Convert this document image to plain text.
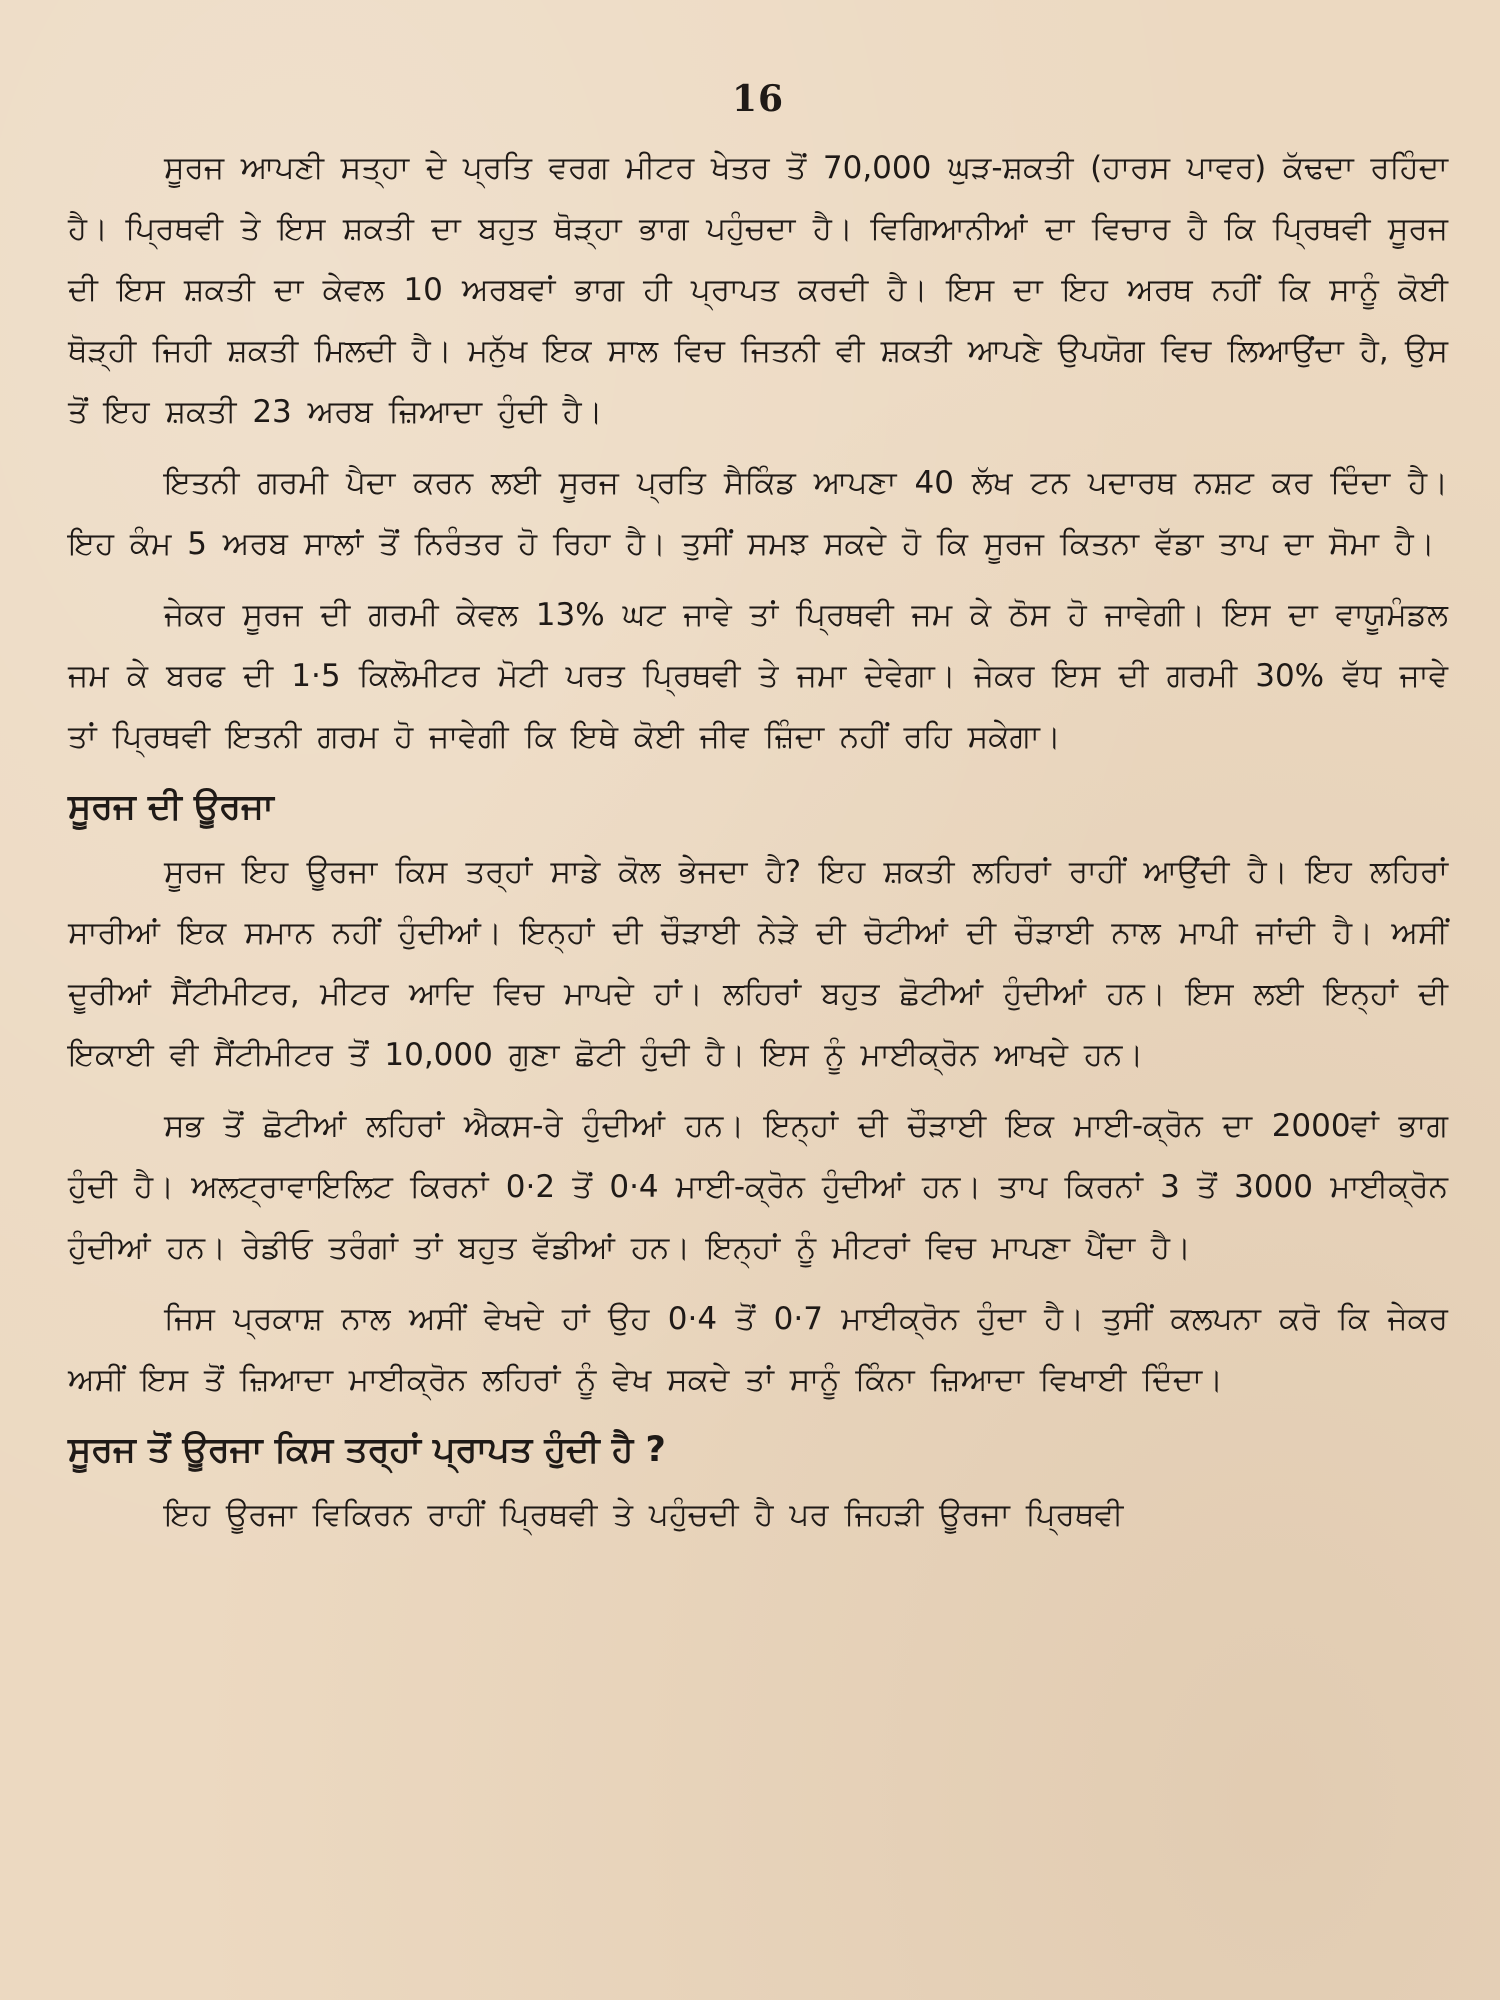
16

ਸੂਰਜ ਆਪਣੀ ਸਤ੍ਹਾ ਦੇ ਪ੍ਰਤਿ ਵਰਗ ਮੀਟਰ ਖੇਤਰ ਤੋਂ 70,000 ਘੁੜ-ਸ਼ਕਤੀ (ਹਾਰਸ ਪਾਵਰ) ਕੱਢਦਾ ਰਹਿੰਦਾ ਹੈ। ਪ੍ਰਿਥਵੀ ਤੇ ਇਸ ਸ਼ਕਤੀ ਦਾ ਬਹੁਤ ਥੋੜ੍ਹਾ ਭਾਗ ਪਹੁੰਚਦਾ ਹੈ। ਵਿਗਿਆਨੀਆਂ ਦਾ ਵਿਚਾਰ ਹੈ ਕਿ ਪ੍ਰਿਥਵੀ ਸੂਰਜ ਦੀ ਇਸ ਸ਼ਕਤੀ ਦਾ ਕੇਵਲ 10 ਅਰਬਵਾਂ ਭਾਗ ਹੀ ਪ੍ਰਾਪਤ ਕਰਦੀ ਹੈ। ਇਸ ਦਾ ਇਹ ਅਰਥ ਨਹੀਂ ਕਿ ਸਾਨੂੰ ਕੋਈ ਥੋੜ੍ਹੀ ਜਿਹੀ ਸ਼ਕਤੀ ਮਿਲਦੀ ਹੈ। ਮਨੁੱਖ ਇਕ ਸਾਲ ਵਿਚ ਜਿਤਨੀ ਵੀ ਸ਼ਕਤੀ ਆਪਣੇ ਉਪਯੋਗ ਵਿਚ ਲਿਆਉਂਦਾ ਹੈ, ਉਸ ਤੋਂ ਇਹ ਸ਼ਕਤੀ 23 ਅਰਬ ਜ਼ਿਆਦਾ ਹੁੰਦੀ ਹੈ।

ਇਤਨੀ ਗਰਮੀ ਪੈਦਾ ਕਰਨ ਲਈ ਸੂਰਜ ਪ੍ਰਤਿ ਸੈਕਿੰਡ ਆਪਣਾ 40 ਲੱਖ ਟਨ ਪਦਾਰਥ ਨਸ਼ਟ ਕਰ ਦਿੰਦਾ ਹੈ। ਇਹ ਕੰਮ 5 ਅਰਬ ਸਾਲਾਂ ਤੋਂ ਨਿਰੰਤਰ ਹੋ ਰਿਹਾ ਹੈ। ਤੁਸੀਂ ਸਮਝ ਸਕਦੇ ਹੋ ਕਿ ਸੂਰਜ ਕਿਤਨਾ ਵੱਡਾ ਤਾਪ ਦਾ ਸੋਮਾ ਹੈ।

ਜੇਕਰ ਸੂਰਜ ਦੀ ਗਰਮੀ ਕੇਵਲ 13% ਘਟ ਜਾਵੇ ਤਾਂ ਪ੍ਰਿਥਵੀ ਜਮ ਕੇ ਠੋਸ ਹੋ ਜਾਵੇਗੀ। ਇਸ ਦਾ ਵਾਯੂਮੰਡਲ ਜਮ ਕੇ ਬਰਫ ਦੀ 1·5 ਕਿਲੋਮੀਟਰ ਮੋਟੀ ਪਰਤ ਪ੍ਰਿਥਵੀ ਤੇ ਜਮਾ ਦੇਵੇਗਾ। ਜੇਕਰ ਇਸ ਦੀ ਗਰਮੀ 30% ਵੱਧ ਜਾਵੇ ਤਾਂ ਪ੍ਰਿਥਵੀ ਇਤਨੀ ਗਰਮ ਹੋ ਜਾਵੇਗੀ ਕਿ ਇਥੇ ਕੋਈ ਜੀਵ ਜ਼ਿੰਦਾ ਨਹੀਂ ਰਹਿ ਸਕੇਗਾ।

ਸੂਰਜ ਦੀ ਊਰਜਾ

ਸੂਰਜ ਇਹ ਊਰਜਾ ਕਿਸ ਤਰ੍ਹਾਂ ਸਾਡੇ ਕੋਲ ਭੇਜਦਾ ਹੈ? ਇਹ ਸ਼ਕਤੀ ਲਹਿਰਾਂ ਰਾਹੀਂ ਆਉਂਦੀ ਹੈ। ਇਹ ਲਹਿਰਾਂ ਸਾਰੀਆਂ ਇਕ ਸਮਾਨ ਨਹੀਂ ਹੁੰਦੀਆਂ। ਇਨ੍ਹਾਂ ਦੀ ਚੌੜਾਈ ਨੇੜੇ ਦੀ ਚੋਟੀਆਂ ਦੀ ਚੌੜਾਈ ਨਾਲ ਮਾਪੀ ਜਾਂਦੀ ਹੈ। ਅਸੀਂ ਦੂਰੀਆਂ ਸੈਂਟੀਮੀਟਰ, ਮੀਟਰ ਆਦਿ ਵਿਚ ਮਾਪਦੇ ਹਾਂ। ਲਹਿਰਾਂ ਬਹੁਤ ਛੋਟੀਆਂ ਹੁੰਦੀਆਂ ਹਨ। ਇਸ ਲਈ ਇਨ੍ਹਾਂ ਦੀ ਇਕਾਈ ਵੀ ਸੈਂਟੀਮੀਟਰ ਤੋਂ 10,000 ਗੁਣਾ ਛੋਟੀ ਹੁੰਦੀ ਹੈ। ਇਸ ਨੂੰ ਮਾਈਕ੍ਰੋਨ ਆਖਦੇ ਹਨ।

ਸਭ ਤੋਂ ਛੋਟੀਆਂ ਲਹਿਰਾਂ ਐਕਸ-ਰੇ ਹੁੰਦੀਆਂ ਹਨ। ਇਨ੍ਹਾਂ ਦੀ ਚੌੜਾਈ ਇਕ ਮਾਈ-ਕ੍ਰੋਨ ਦਾ 2000ਵਾਂ ਭਾਗ ਹੁੰਦੀ ਹੈ। ਅਲਟ੍ਰਾਵਾਇਲਿਟ ਕਿਰਨਾਂ 0·2 ਤੋਂ 0·4 ਮਾਈ-ਕ੍ਰੋਨ ਹੁੰਦੀਆਂ ਹਨ। ਤਾਪ ਕਿਰਨਾਂ 3 ਤੋਂ 3000 ਮਾਈਕ੍ਰੋਨ ਹੁੰਦੀਆਂ ਹਨ। ਰੇਡੀਓ ਤਰੰਗਾਂ ਤਾਂ ਬਹੁਤ ਵੱਡੀਆਂ ਹਨ। ਇਨ੍ਹਾਂ ਨੂੰ ਮੀਟਰਾਂ ਵਿਚ ਮਾਪਣਾ ਪੈਂਦਾ ਹੈ।

ਜਿਸ ਪ੍ਰਕਾਸ਼ ਨਾਲ ਅਸੀਂ ਵੇਖਦੇ ਹਾਂ ਉਹ 0·4 ਤੋਂ 0·7 ਮਾਈਕ੍ਰੋਨ ਹੁੰਦਾ ਹੈ। ਤੁਸੀਂ ਕਲਪਨਾ ਕਰੋ ਕਿ ਜੇਕਰ ਅਸੀਂ ਇਸ ਤੋਂ ਜ਼ਿਆਦਾ ਮਾਈਕ੍ਰੋਨ ਲਹਿਰਾਂ ਨੂੰ ਵੇਖ ਸਕਦੇ ਤਾਂ ਸਾਨੂੰ ਕਿੰਨਾ ਜ਼ਿਆਦਾ ਵਿਖਾਈ ਦਿੰਦਾ।

ਸੂਰਜ ਤੋਂ ਊਰਜਾ ਕਿਸ ਤਰ੍ਹਾਂ ਪ੍ਰਾਪਤ ਹੁੰਦੀ ਹੈ ?

ਇਹ ਊਰਜਾ ਵਿਕਿਰਨ ਰਾਹੀਂ ਪ੍ਰਿਥਵੀ ਤੇ ਪਹੁੰਚਦੀ ਹੈ ਪਰ ਜਿਹੜੀ ਊਰਜਾ ਪ੍ਰਿਥਵੀ
